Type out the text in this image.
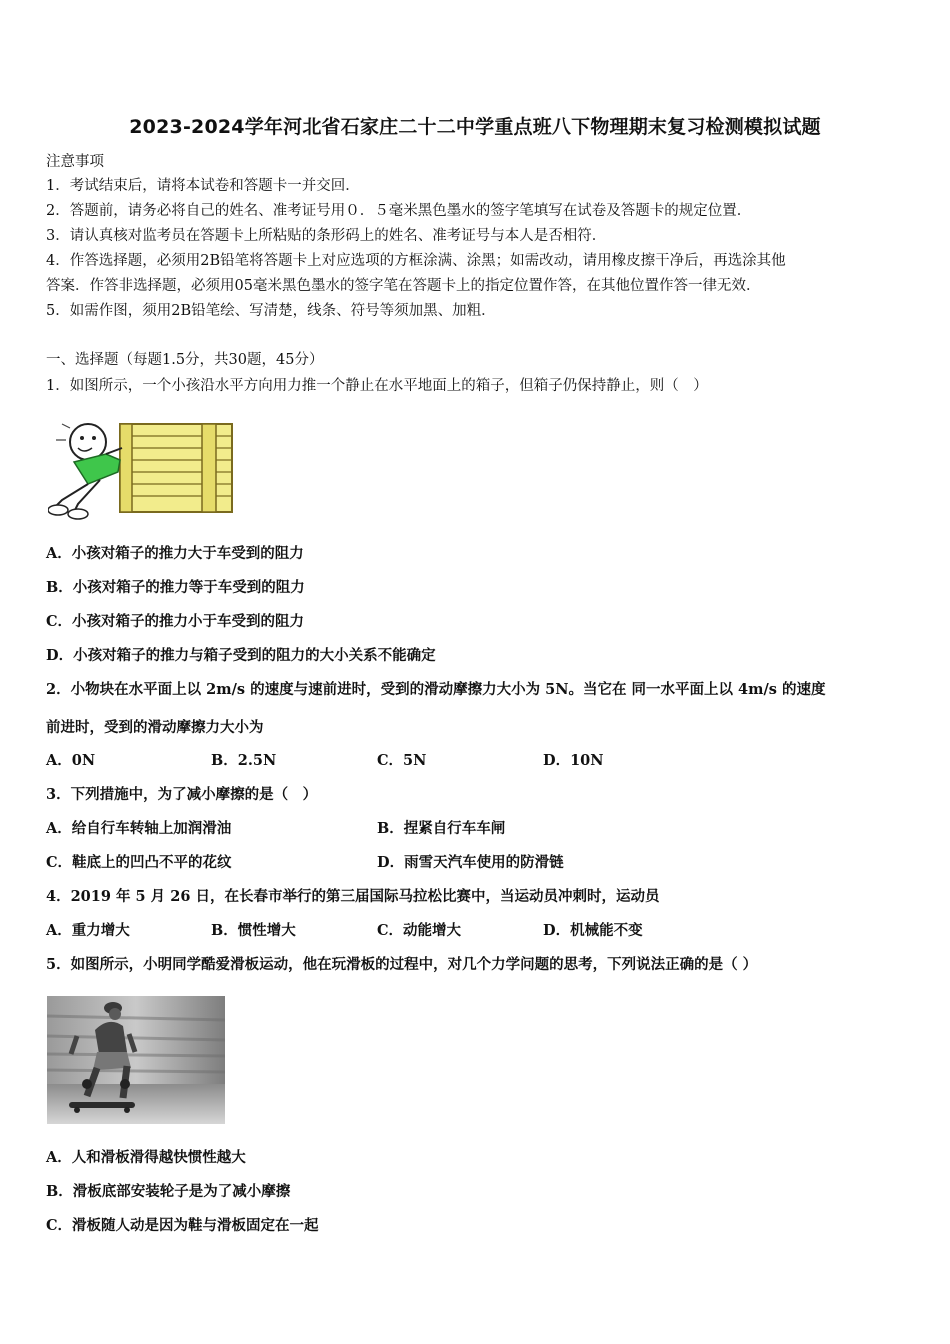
2023-2024学年河北省石家庄二十二中学重点班八下物理期末复习检测模拟试题
注意事项
1．考试结束后，请将本试卷和答题卡一并交回．
2．答题前，请务必将自己的姓名、准考证号用０．５毫米黑色墨水的签字笔填写在试卷及答题卡的规定位置．
3．请认真核对监考员在答题卡上所粘贴的条形码上的姓名、准考证号与本人是否相符．
4．作答选择题，必须用2B铅笔将答题卡上对应选项的方框涂满、涂黑；如需改动，请用橡皮擦干净后，再选涂其他
答案．作答非选择题，必须用05毫米黑色墨水的签字笔在答题卡上的指定位置作答，在其他位置作答一律无效．
5．如需作图，须用2B铅笔绘、写清楚，线条、符号等须加黑、加粗．
一、选择题（每题1.5分，共30题，45分）
1．如图所示，一个小孩沿水平方向用力推一个静止在水平地面上的箱子，但箱子仍保持静止，则（　）
A．小孩对箱子的推力大于车受到的阻力
B．小孩对箱子的推力等于车受到的阻力
C．小孩对箱子的推力小于车受到的阻力
D．小孩对箱子的推力与箱子受到的阻力的大小关系不能确定
2．小物块在水平面上以 2m/s 的速度与速前进时，受到的滑动摩擦力大小为 5N。当它在 同一水平面上以 4m/s 的速度
前进时，受到的滑动摩擦力大小为
A．0N	B．2.5N	C．5N	D．10N
3．下列措施中，为了减小摩擦的是（　）
A．给自行车转轴上加润滑油	B．捏紧自行车车闸
C．鞋底上的凹凸不平的花纹	D．雨雪天汽车使用的防滑链
4．2019 年 5 月 26 日，在长春市举行的第三届国际马拉松比赛中，当运动员冲刺时，运动员
A．重力增大	B．惯性增大	C．动能增大	D．机械能不变
5．如图所示，小明同学酷爱滑板运动，他在玩滑板的过程中，对几个力学问题的思考，下列说法正确的是（ ）
A．人和滑板滑得越快惯性越大
B．滑板底部安装轮子是为了减小摩擦
C．滑板随人动是因为鞋与滑板固定在一起
